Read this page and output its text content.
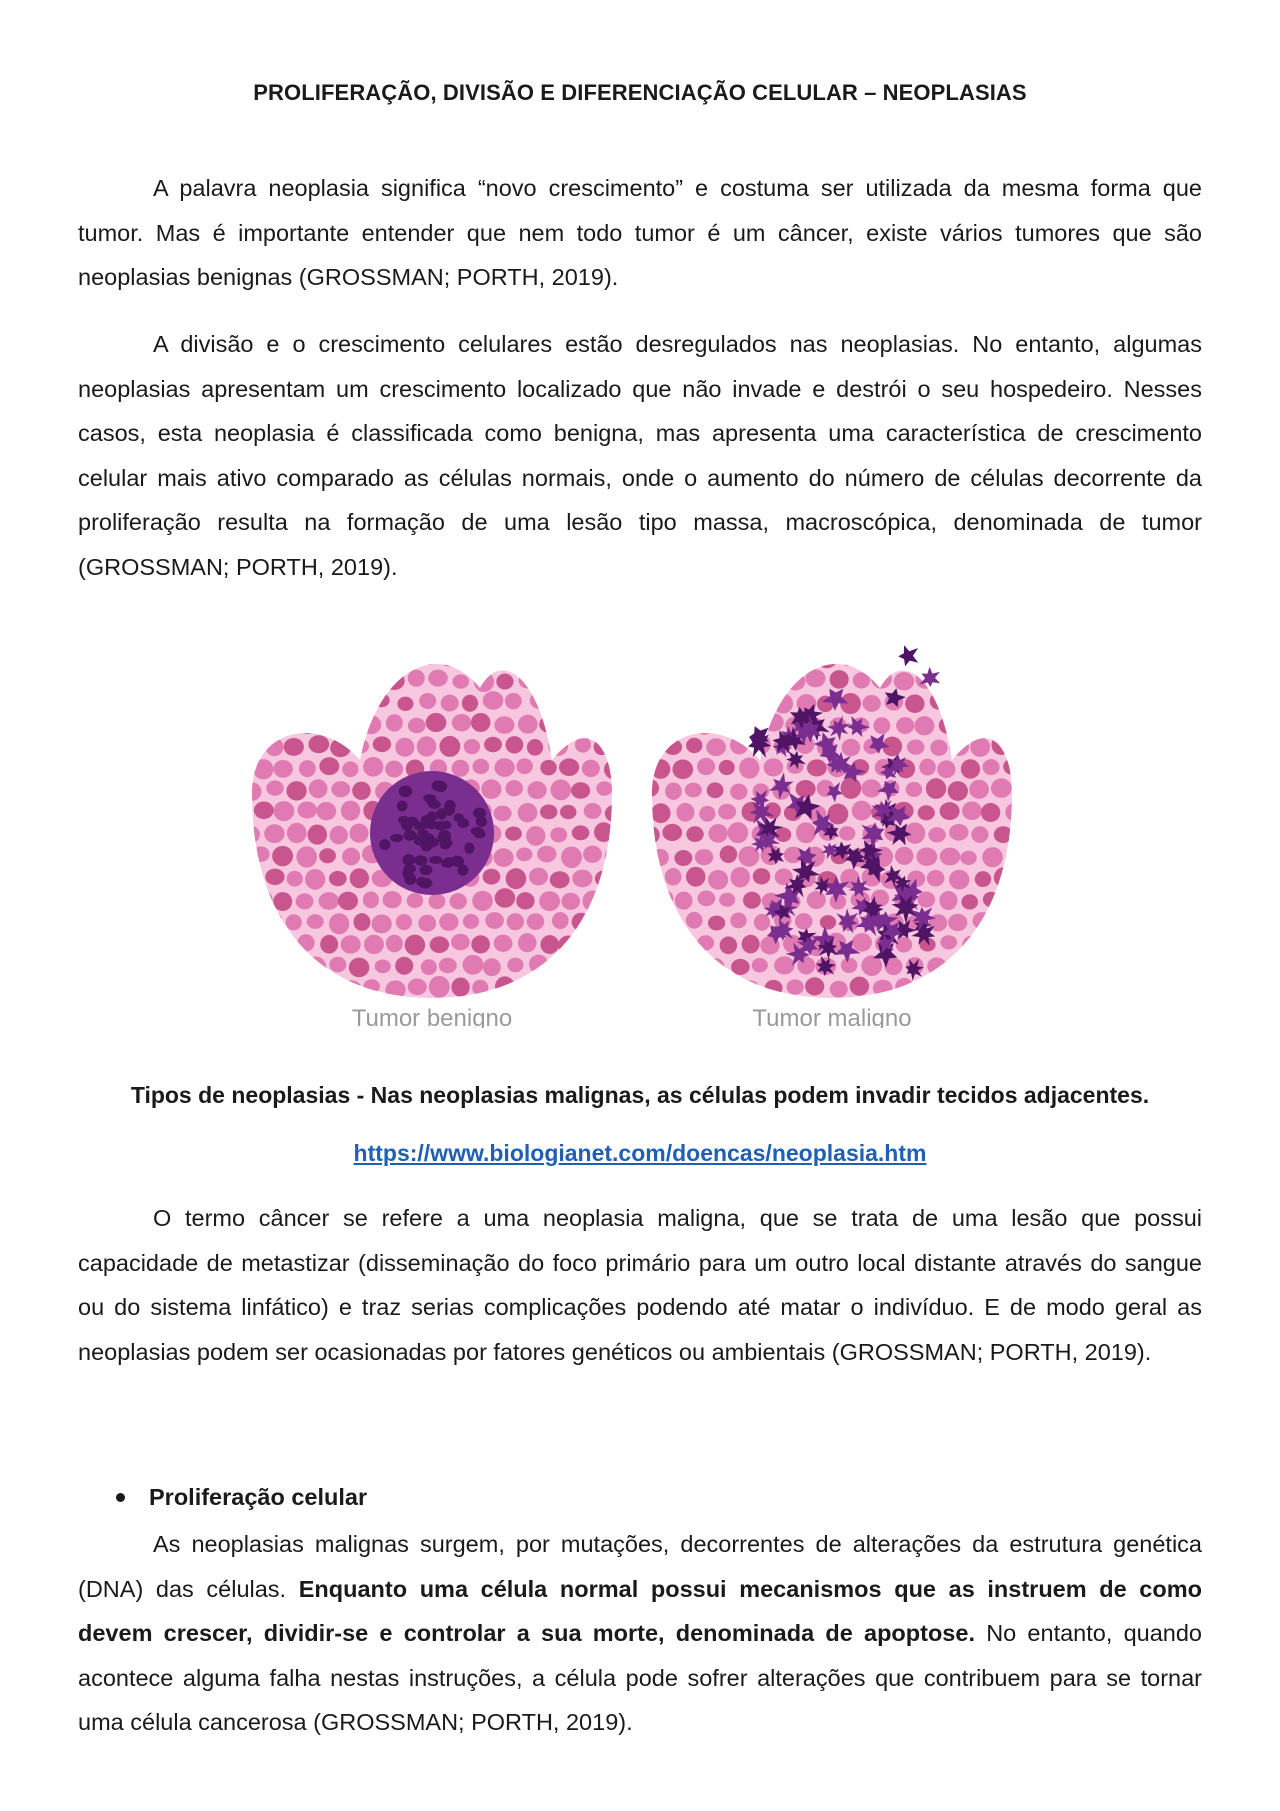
PROLIFERAÇÃO, DIVISÃO E DIFERENCIAÇÃO CELULAR – NEOPLASIAS

A palavra neoplasia significa “novo crescimento” e costuma ser utilizada da mesma forma que tumor. Mas é importante entender que nem todo tumor é um câncer, existe vários tumores que são neoplasias benignas (GROSSMAN; PORTH, 2019).

A divisão e o crescimento celulares estão desregulados nas neoplasias. No entanto, algumas neoplasias apresentam um crescimento localizado que não invade e destrói o seu hospedeiro. Nesses casos, esta neoplasia é classificada como benigna, mas apresenta uma característica de crescimento celular mais ativo comparado as células normais, onde o aumento do número de células decorrente da proliferação resulta na formação de uma lesão tipo massa, macroscópica, denominada de tumor (GROSSMAN; PORTH, 2019).

Tumor benigno	Tumor maligno
Tipos de neoplasias - Nas neoplasias malignas, as células podem invadir tecidos adjacentes.
https://www.biologianet.com/doencas/neoplasia.htm

O termo câncer se refere a uma neoplasia maligna, que se trata de uma lesão que possui capacidade de metastizar (disseminação do foco primário para um outro local distante através do sangue ou do sistema linfático) e traz serias complicações podendo até matar o indivíduo. E de modo geral as neoplasias podem ser ocasionadas por fatores genéticos ou ambientais (GROSSMAN; PORTH, 2019).

Proliferação celular

As neoplasias malignas surgem, por mutações, decorrentes de alterações da estrutura genética (DNA) das células. Enquanto uma célula normal possui mecanismos que as instruem de como devem crescer, dividir-se e controlar a sua morte, denominada de apoptose. No entanto, quando acontece alguma falha nestas instruções, a célula pode sofrer alterações que contribuem para se tornar uma célula cancerosa (GROSSMAN; PORTH, 2019).
